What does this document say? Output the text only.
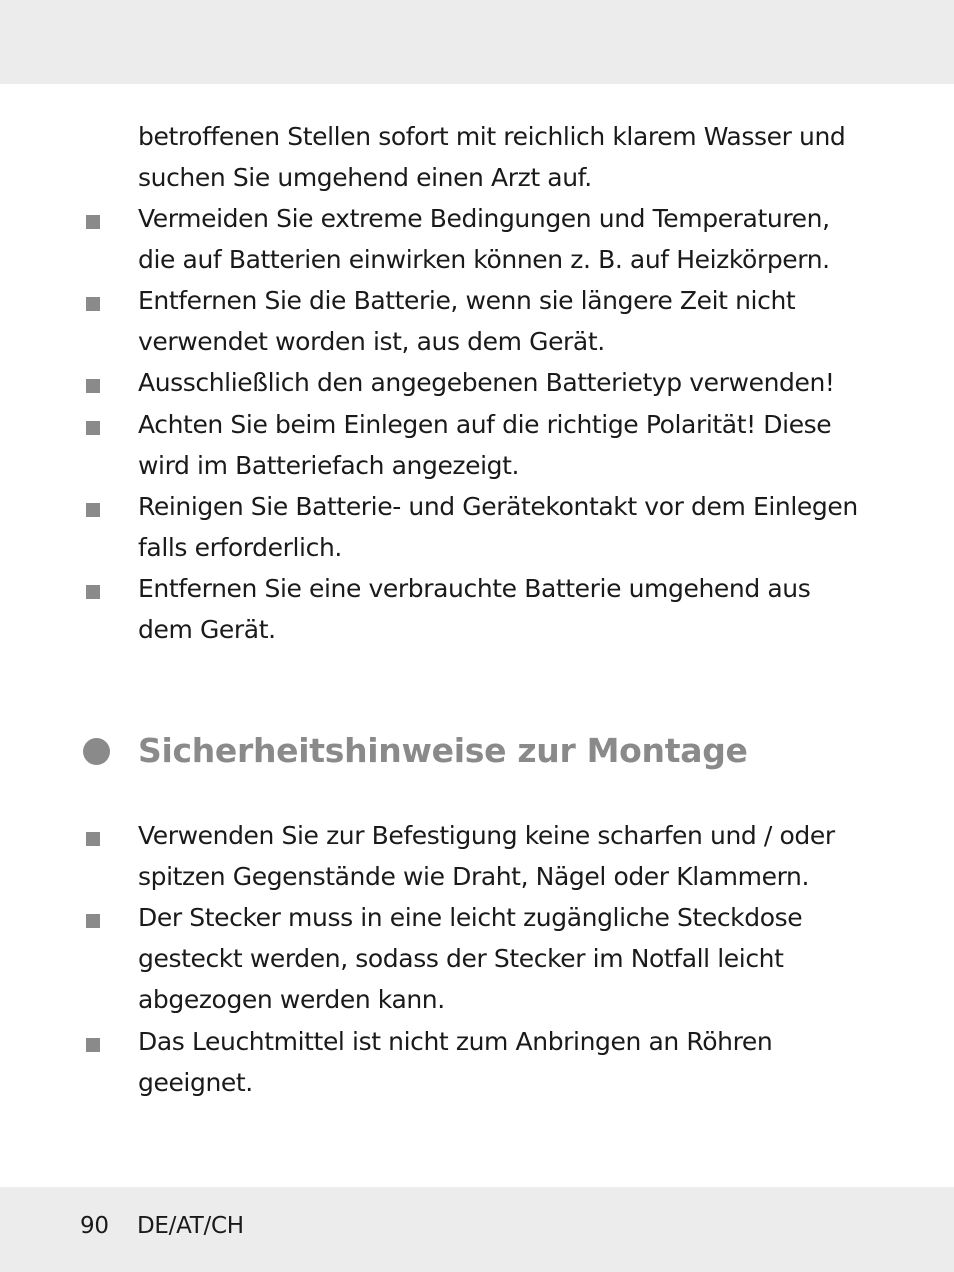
betroffenen Stellen sofort mit reichlich klarem Wasser und
suchen Sie umgehend einen Arzt auf.
Vermeiden Sie extreme Bedingungen und Temperaturen,
die auf Batterien einwirken können z. B. auf Heizkörpern.
Entfernen Sie die Batterie, wenn sie längere Zeit nicht
verwendet worden ist, aus dem Gerät.
Ausschließlich den angegebenen Batterietyp verwenden!
Achten Sie beim Einlegen auf die richtige Polarität! Diese
wird im Batteriefach angezeigt.
Reinigen Sie Batterie- und Gerätekontakt vor dem Einlegen
falls erforderlich.
Entfernen Sie eine verbrauchte Batterie umgehend aus
dem Gerät.
Sicherheitshinweise zur Montage
Verwenden Sie zur Befestigung keine scharfen und / oder
spitzen Gegenstände wie Draht, Nägel oder Klammern.
Der Stecker muss in eine leicht zugängliche Steckdose
gesteckt werden, sodass der Stecker im Notfall leicht
abgezogen werden kann.
Das Leuchtmittel ist nicht zum Anbringen an Röhren
geeignet.
90 DE/AT/CH
